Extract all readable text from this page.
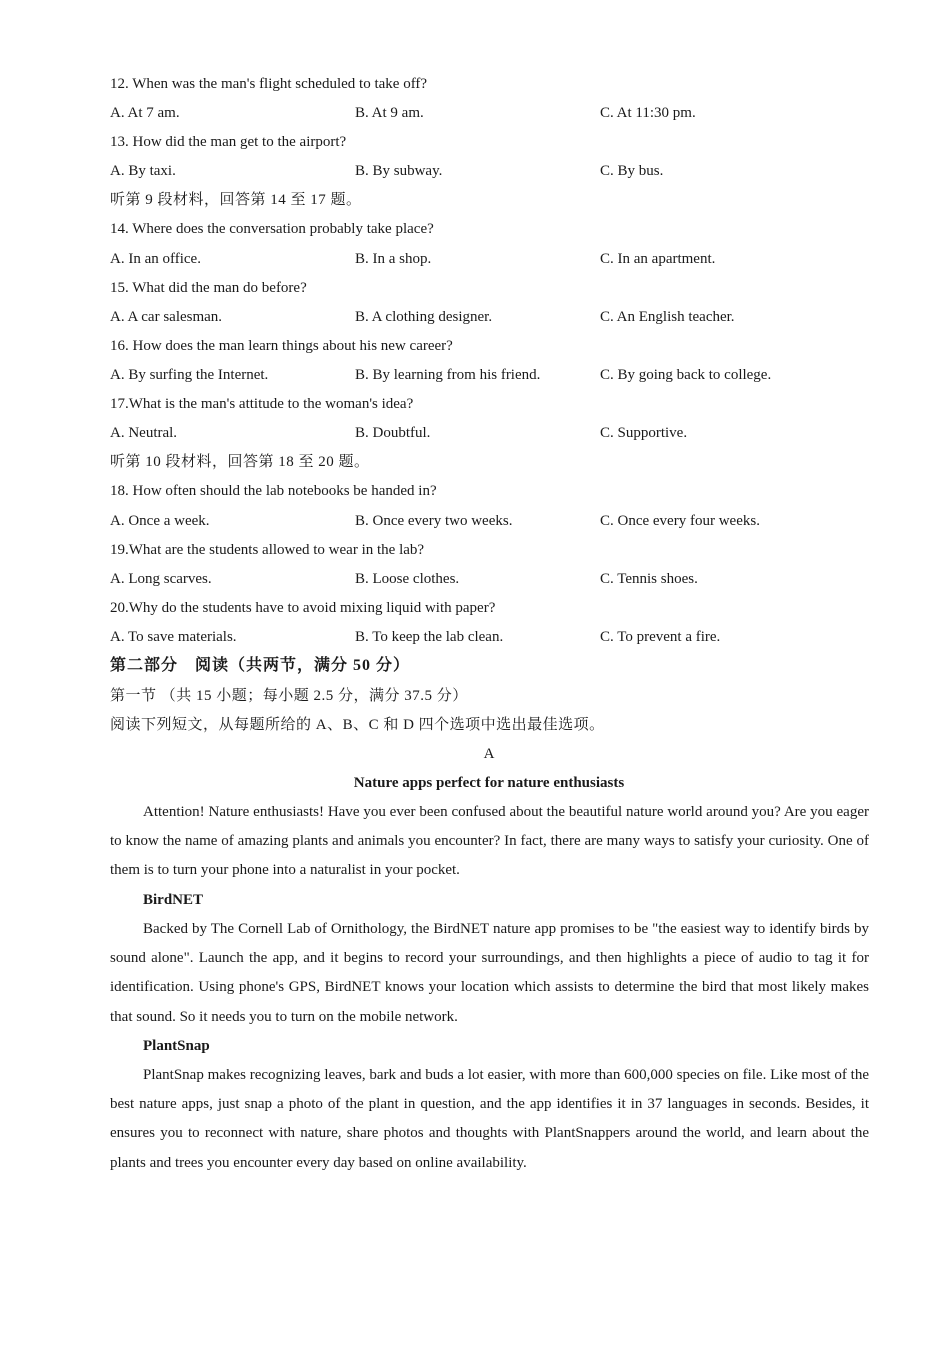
12. When was the man's flight scheduled to take off?
A. At 7 am.	B. At 9 am.	C. At 11:30 pm.
13. How did the man get to the airport?
A. By taxi.	B. By subway.	C. By bus.
听第 9 段材料，回答第 14 至 17 题。
14. Where does the conversation probably take place?
A. In an office.	B. In a shop.	C. In an apartment.
15. What did the man do before?
A. A car salesman.	B. A clothing designer.	C. An English teacher.
16. How does the man learn things about his new career?
A. By surfing the Internet.	B. By learning from his friend.	C. By going back to college.
17.What is the man's attitude to the woman's idea?
A. Neutral.	B. Doubtful.	C. Supportive.
听第 10 段材料，回答第 18 至 20 题。
18. How often should the lab notebooks be handed in?
A. Once a week.	B. Once every two weeks.	C. Once every four weeks.
19.What are the students allowed to wear in the lab?
A. Long scarves.	B. Loose clothes.	C. Tennis shoes.
20.Why do the students have to avoid mixing liquid with paper?
A. To save materials.	B. To keep the lab clean.	C. To prevent a fire.
第二部分　阅读（共两节，满分 50 分）
第一节 （共 15 小题；每小题 2.5 分，满分 37.5 分）
阅读下列短文，从每题所给的 A、B、C 和 D 四个选项中选出最佳选项。
A
Nature apps perfect for nature enthusiasts

Attention! Nature enthusiasts! Have you ever been confused about the beautiful nature world around you? Are you eager to know the name of amazing plants and animals you encounter? In fact, there are many ways to satisfy your curiosity. One of them is to turn your phone into a naturalist in your pocket.

BirdNET

Backed by The Cornell Lab of Ornithology, the BirdNET nature app promises to be "the easiest way to identify birds by sound alone". Launch the app, and it begins to record your surroundings, and then highlights a piece of audio to tag it for identification. Using phone's GPS, BirdNET knows your location which assists to determine the bird that most likely makes that sound. So it needs you to turn on the mobile network.

PlantSnap

PlantSnap makes recognizing leaves, bark and buds a lot easier, with more than 600,000 species on file. Like most of the best nature apps, just snap a photo of the plant in question, and the app identifies it in 37 languages in seconds. Besides, it ensures you to reconnect with nature, share photos and thoughts with PlantSnappers around the world, and learn about the plants and trees you encounter every day based on online availability.
